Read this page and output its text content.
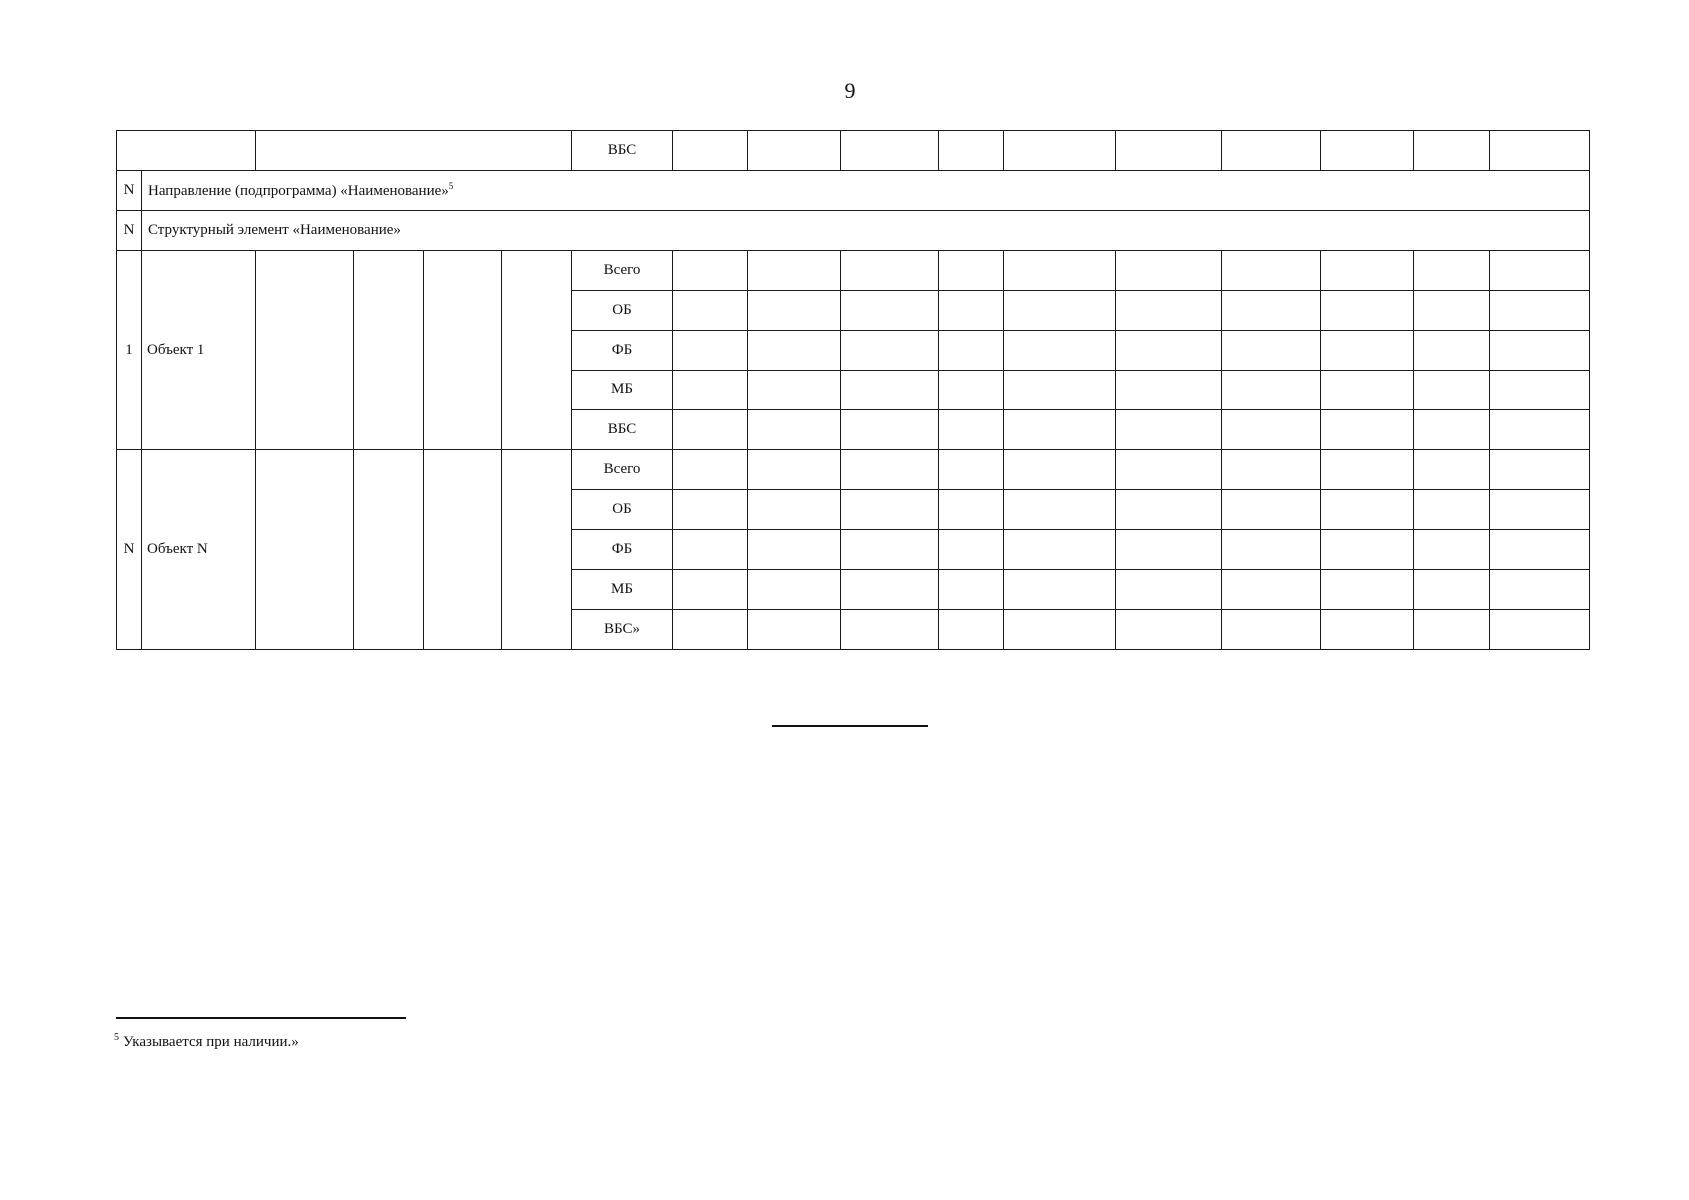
9
						ВБС										
N	Направление (подпрограмма) «Наименование»$^5$
N	Структурный элемент «Наименование»															
1	Объект 1					Всего										
						ОБ										
						ФБ										
						МБ										
						ВБС										
N	Объект N					Всего										
						ОБ										
						ФБ										
						МБ										
						ВБС»										
$^5$ Указывается при наличии.»
